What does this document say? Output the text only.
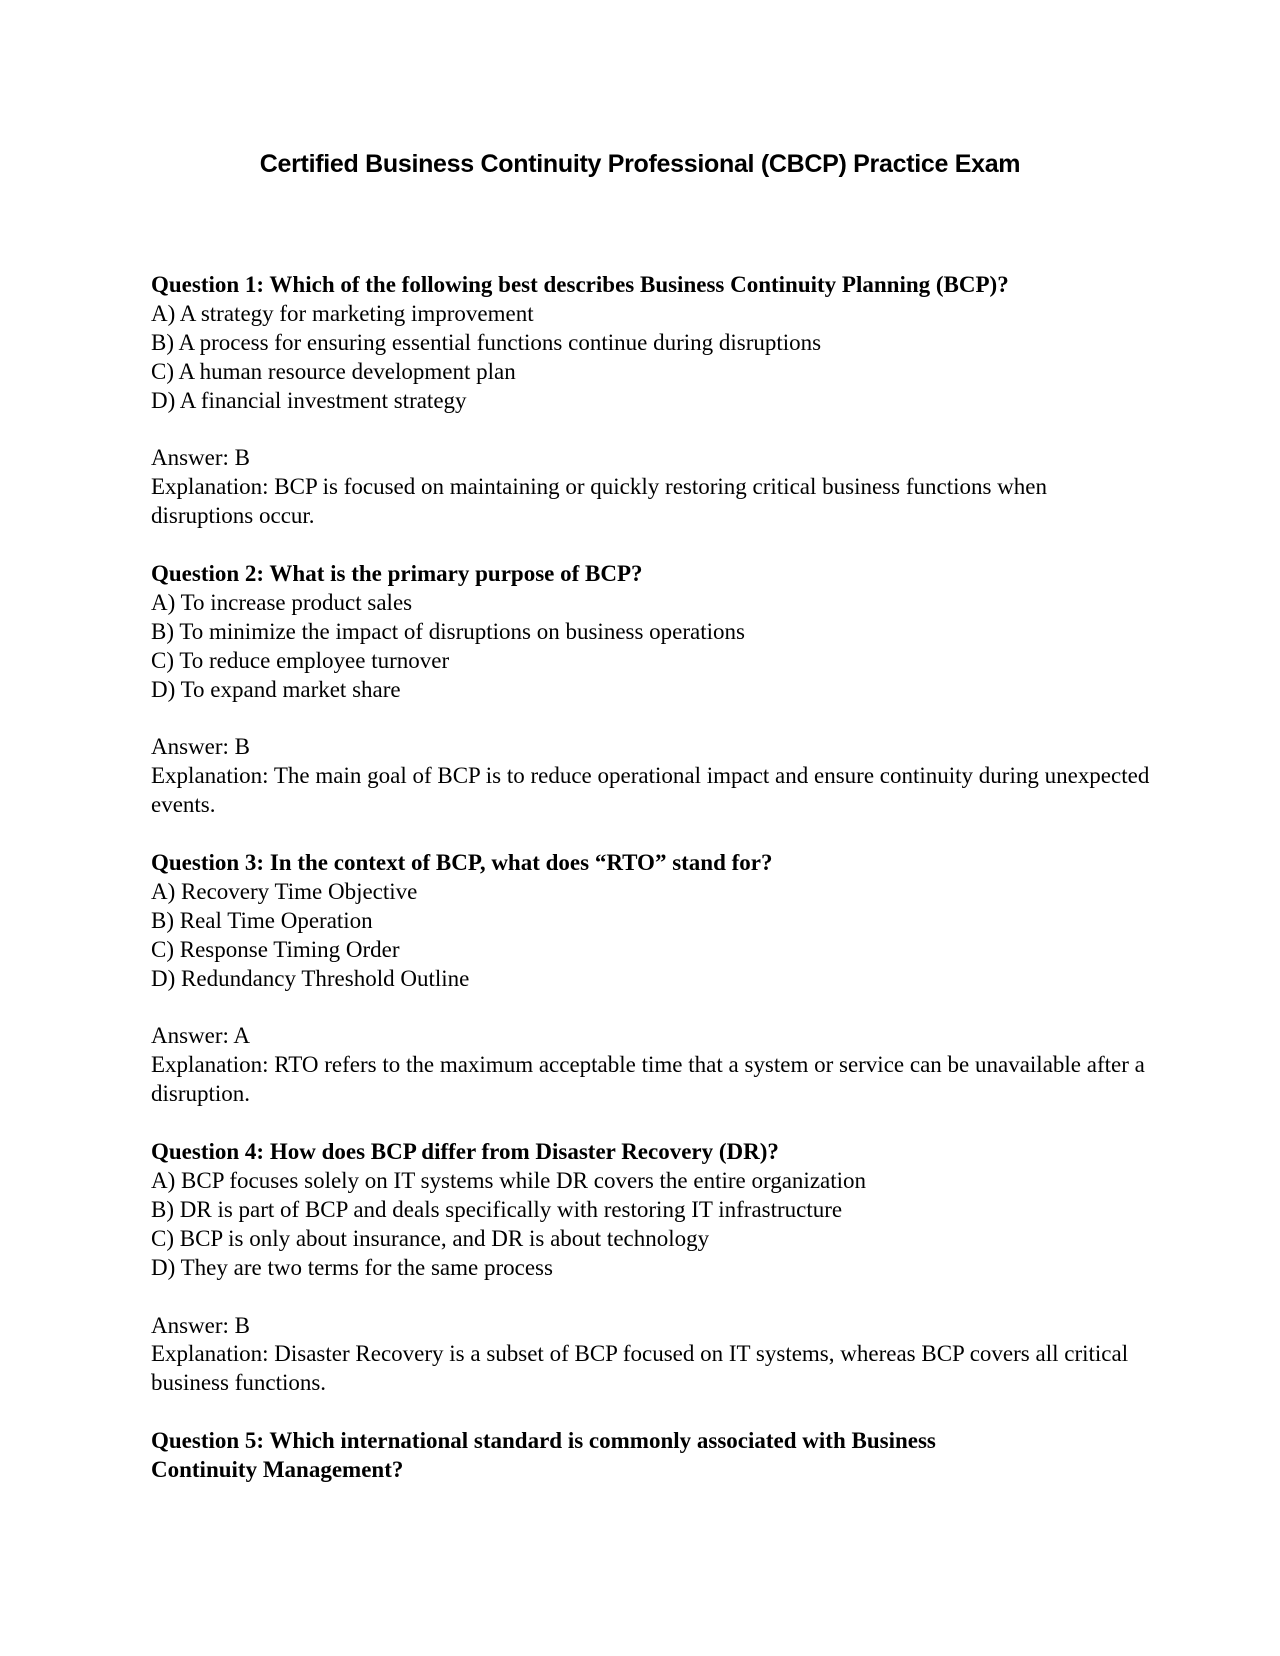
Certified Business Continuity Professional (CBCP) Practice Exam

Question 1: Which of the following best describes Business Continuity Planning (BCP)?

A) A strategy for marketing improvement

B) A process for ensuring essential functions continue during disruptions

C) A human resource development plan

D) A financial investment strategy

Answer: B

Explanation: BCP is focused on maintaining or quickly restoring critical business functions when disruptions occur.

Question 2: What is the primary purpose of BCP?

A) To increase product sales

B) To minimize the impact of disruptions on business operations

C) To reduce employee turnover

D) To expand market share

Answer: B

Explanation: The main goal of BCP is to reduce operational impact and ensure continuity during unexpected events.

Question 3: In the context of BCP, what does “RTO” stand for?

A) Recovery Time Objective

B) Real Time Operation

C) Response Timing Order

D) Redundancy Threshold Outline

Answer: A

Explanation: RTO refers to the maximum acceptable time that a system or service can be unavailable after a disruption.

Question 4: How does BCP differ from Disaster Recovery (DR)?

A) BCP focuses solely on IT systems while DR covers the entire organization

B) DR is part of BCP and deals specifically with restoring IT infrastructure

C) BCP is only about insurance, and DR is about technology

D) They are two terms for the same process

Answer: B

Explanation: Disaster Recovery is a subset of BCP focused on IT systems, whereas BCP covers all critical business functions.

Question 5: Which international standard is commonly associated with Business Continuity Management?
